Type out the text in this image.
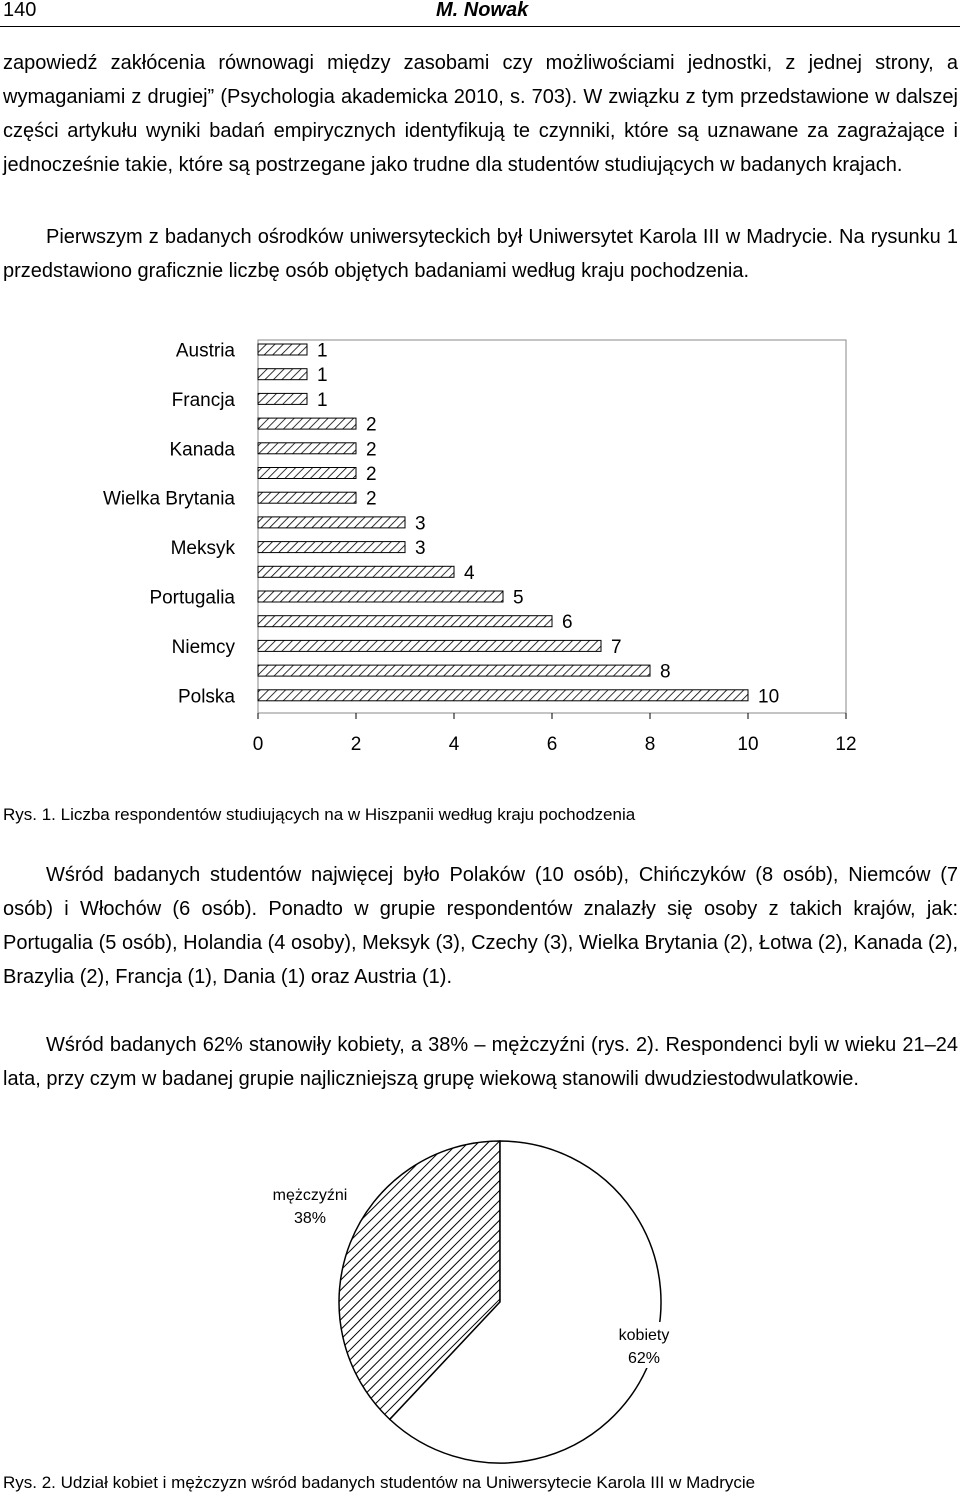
140	M. Nowak

zapowiedź zakłócenia równowagi między zasobami czy możliwościami jednostki, z jednej strony, a wymaganiami z drugiej” (Psychologia akademicka 2010, s. 703). W związku z tym przedstawione w dalszej części artykułu wyniki badań empirycznych identyfikują te czynniki, które są uznawane za zagrażające i jednocześnie takie, które są postrzegane jako trudne dla studentów studiujących w badanych krajach.

Pierwszym z badanych ośrodków uniwersyteckich był Uniwersytet Karola III w Madrycie. Na rysunku 1 przedstawiono graficznie liczbę osób objętych badaniami według kraju pochodzenia.

1
1
1
2
2
2
2
3
3
4
5
6
7
8
10
0	2	4	6	8	10	12
Austria
Francja
Kanada
Wielka Brytania
Meksyk
Portugalia
Niemcy
Polska
Rys. 1. Liczba respondentów studiujących na w Hiszpanii według kraju pochodzenia

Wśród badanych studentów najwięcej było Polaków (10 osób), Chińczyków (8 osób), Niemców (7 osób) i Włochów (6 osób). Ponadto w grupie respondentów znalazły się osoby z takich krajów, jak: Portugalia (5 osób), Holandia (4 osoby), Meksyk (3), Czechy (3), Wielka Brytania (2), Łotwa (2), Kanada (2), Brazylia (2), Francja (1), Dania (1) oraz Austria (1).

Wśród badanych 62% stanowiły kobiety, a 38% – mężczyźni (rys. 2). Respondenci byli w wieku 21–24 lata, przy czym w badanej grupie najliczniejszą grupę wiekową stanowili dwudziestodwulatkowie.

mężczyźni
38%
kobiety
62%
Rys. 2. Udział kobiet i mężczyzn wśród badanych studentów na Uniwersytecie Karola III w Madrycie
